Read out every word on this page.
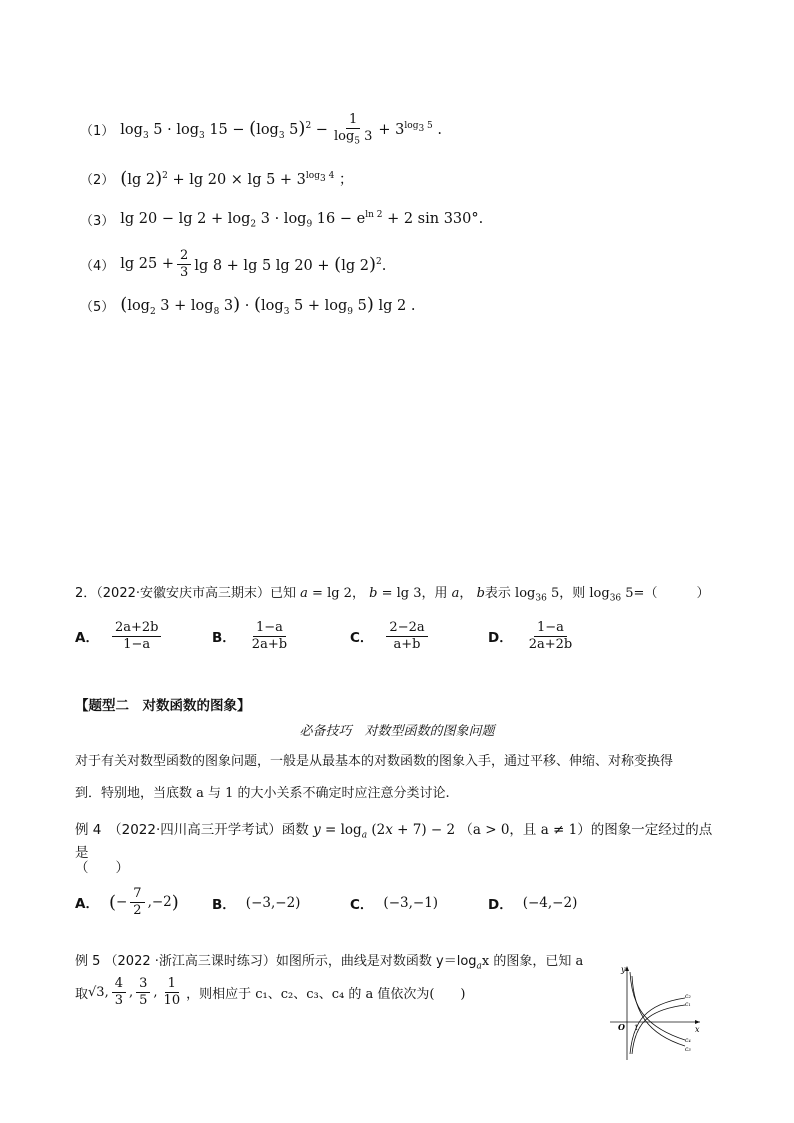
（1） $\log_3 5 \cdot \log_3 15 - (\log_3$ $5)^2 - \frac{1}{\log_5 3} + 3^{log_3 5}$ .
（2） (lg $2)^2 + \lg 20 \times \lg 5 + 3^{log_3 4}$ ；
（3） $\lg 20 - \lg 2 + \log_2 3 \cdot \log_9 16 - e^{ln 2} + 2$ sin 330°.
（4） $\lg 25 + \frac{2}{3}$ lg 8 + lg 5 lg 20 + (lg 2)$^2$.
（5） ($\log_2$ $3 + \log_8 3) \cdot (\log_3$ $5 + \log_9 5$) lg 2 .
2．（2022·安徽安庆市高三期末）已知 a = lg 2， b = lg 3，用 a， b表示 $\log_{36} 5$，则 $\log_{36} 5=$（　　　）
A． $\frac{2a+2b}{1-a}$	B． $\frac{1-a}{2a+b}$	C． $\frac{2-2a}{a+b}$	D． $\frac{1-a}{2a+2b}$
【题型二　对数函数的图象】
必备技巧　对数型函数的图象问题
对于有关对数型函数的图象问题，一般是从最基本的对数函数的图象入手，通过平移、伸缩、对称变换得
到．特别地，当底数 a 与 1 的大小关系不确定时应注意分类讨论.
例 4　（2022·四川高三开学考试）函数 $y = \log_a (2x + 7) - 2$ （a > 0，且 a ≠ 1）的图象一定经过的点是
（　　）
A． ( − $\frac{7}{2} ,-2$ ) B． (−3,−2)	C． (−3,−1)	D． (−4,−2)
例 5 （2022 ·浙江高三课时练习）如图所示，曲线是对数函数 $y=\log_ax$ 的图象，已知 a
取 √3, $\frac{4}{3}$ , $\frac{3}{5}$ , $\frac{1}{10}$ ，则相应于 c₁、c₂、c₃、c₄ 的 a 值依次为(　　)
y
x
O 1
c₂
c₁
c₄
c₃
